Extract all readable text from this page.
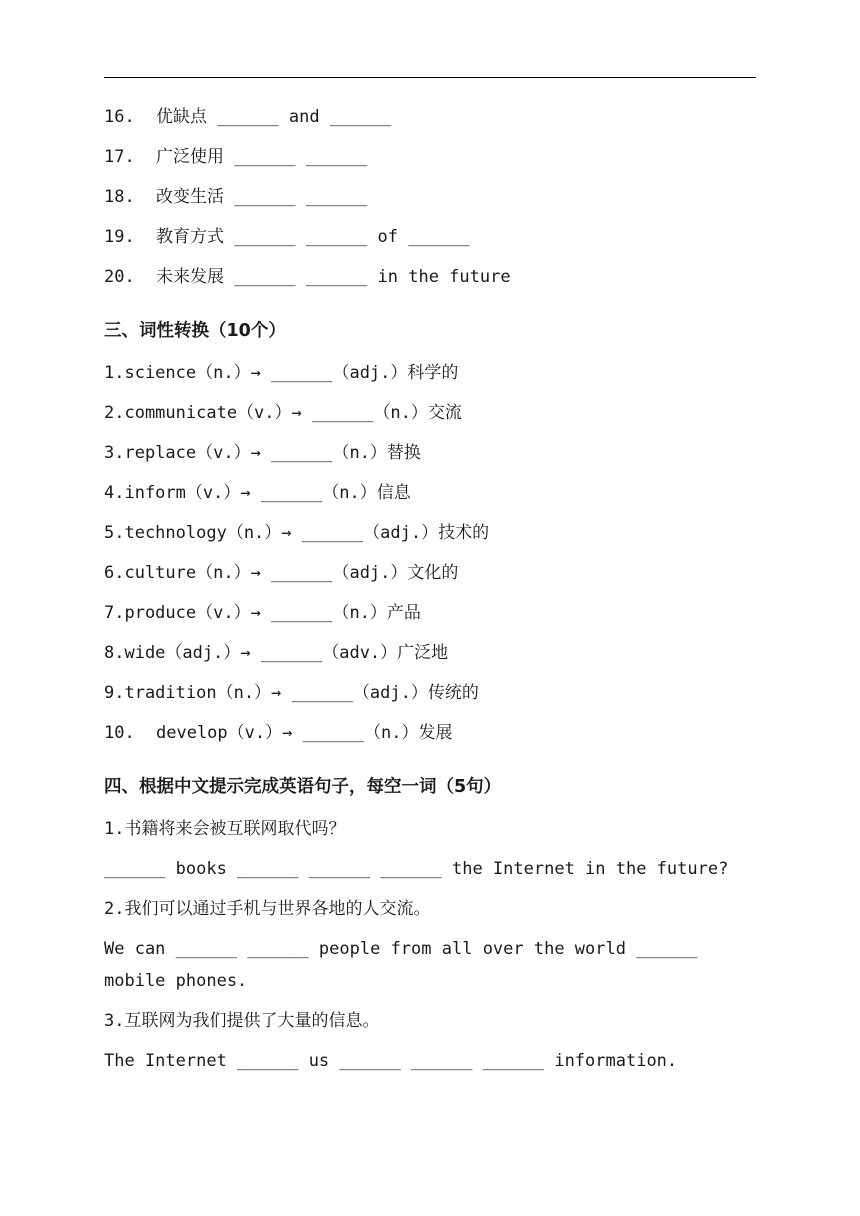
16. 优缺点 ______ and ______
17. 广泛使用 ______ ______
18. 改变生活 ______ ______
19. 教育方式 ______ ______ of ______
20. 未来发展 ______ ______ in the future
三、词性转换（10个）
1.science（n.）→ ______（adj.）科学的
2.communicate（v.）→ ______（n.）交流
3.replace（v.）→ ______（n.）替换
4.inform（v.）→ ______（n.）信息
5.technology（n.）→ ______（adj.）技术的
6.culture（n.）→ ______（adj.）文化的
7.produce（v.）→ ______（n.）产品
8.wide（adj.）→ ______（adv.）广泛地
9.tradition（n.）→ ______（adj.）传统的
10. develop（v.）→ ______（n.）发展
四、根据中文提示完成英语句子，每空一词（5句）
1.书籍将来会被互联网取代吗？
______ books ______ ______ ______ the Internet in the future?
2.我们可以通过手机与世界各地的人交流。
We can ______ ______ people from all over the world ______
mobile phones.
3.互联网为我们提供了大量的信息。
The Internet ______ us ______ ______ ______ information.
